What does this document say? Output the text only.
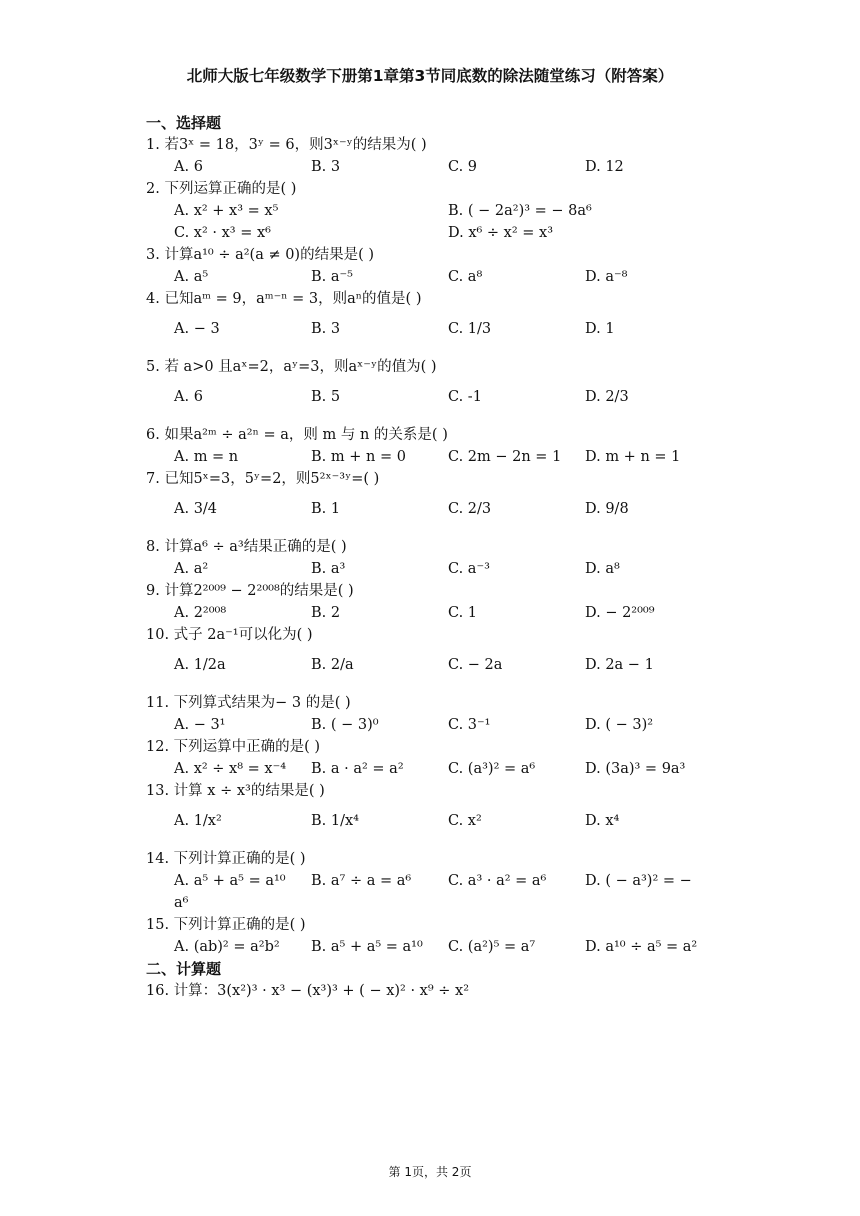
北师大版七年级数学下册第1章第3节同底数的除法随堂练习（附答案）
一、选择题
1. 若3ˣ = 18，3ʸ = 6，则3ˣ⁻ʸ的结果为( )
A. 6	B. 3	C. 9	D. 12
2. 下列运算正确的是( )
A. x² + x³ = x⁵	B. ( − 2a²)³ = − 8a⁶
C. x² · x³ = x⁶	D. x⁶ ÷ x² = x³
3. 计算a¹⁰ ÷ a²(a ≠ 0)的结果是( )
A. a⁵	B. a⁻⁵	C. a⁸	D. a⁻⁸
4. 已知aᵐ = 9，aᵐ⁻ⁿ = 3，则aⁿ的值是( )
A. − 3	B. 3	C. 1/3	D. 1
5. 若 a>0 且aˣ=2，aʸ=3，则aˣ⁻ʸ的值为( )
A. 6	B. 5	C. -1	D. 2/3
6. 如果a²ᵐ ÷ a²ⁿ = a，则 m 与 n 的关系是( )
A. m = n	B. m + n = 0	C. 2m − 2n = 1 D. m + n = 1
7. 已知5ˣ=3，5ʸ=2，则5²ˣ⁻³ʸ=( )
A. 3/4	B. 1	C. 2/3	D. 9/8
8. 计算a⁶ ÷ a³结果正确的是( )
A. a²	B. a³	C. a⁻³	D. a⁸
9. 计算2²⁰⁰⁹ − 2²⁰⁰⁸的结果是( )
A. 2²⁰⁰⁸	B. 2	C. 1	D. − 2²⁰⁰⁹
10. 式子 2a⁻¹可以化为( )
A. 1/2a	B. 2/a	C. − 2a	D. 2a − 1
11. 下列算式结果为− 3 的是( )
A. − 3¹	B. ( − 3)⁰	C. 3⁻¹	D. ( − 3)²
12. 下列运算中正确的是( )
A. x² ÷ x⁸ = x⁻⁴ B. a · a² = a²	C. (a³)² = a⁶	D. (3a)³ = 9a³
13. 计算 x ÷ x³的结果是( )
A. 1/x²	B. 1/x⁴	C. x²	D. x⁴
14. 下列计算正确的是( )
A. a⁵ + a⁵ = a¹⁰ B. a⁷ ÷ a = a⁶	C. a³ · a² = a⁶	D. ( − a³)² = −
a⁶
15. 下列计算正确的是( )
A. (ab)² = a²b² B. a⁵ + a⁵ = a¹⁰ C. (a²)⁵ = a⁷	D. a¹⁰ ÷ a⁵ = a²
二、计算题
16. 计算：3(x²)³ · x³ − (x³)³ + ( − x)² · x⁹ ÷ x²
第 1页，共 2页
